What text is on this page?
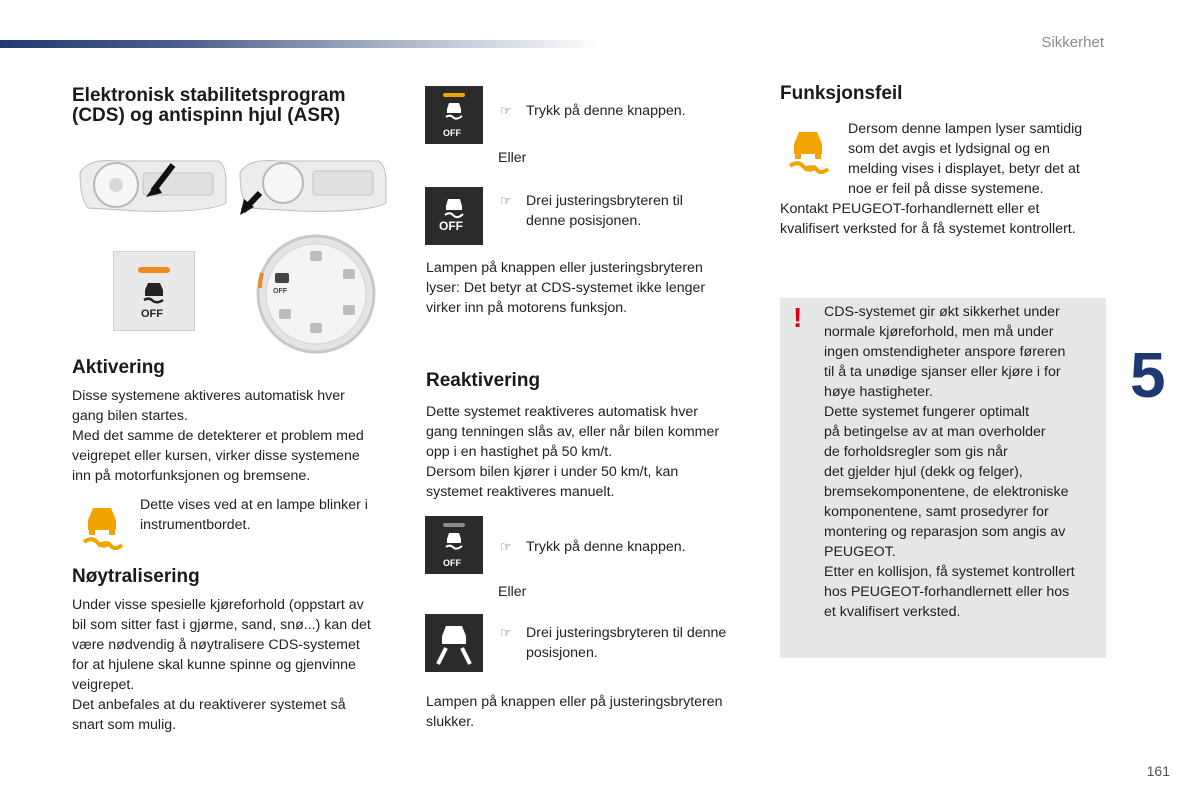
Sikkerhet
Elektronisk stabilitetsprogram
(CDS) og antispinn hjul (ASR)
OFF
OFF
Aktivering
Disse systemene aktiveres automatisk hver
gang bilen startes.
Med det samme de detekterer et problem med
veigrepet eller kursen, virker disse systemene
inn på motorfunksjonen og bremsene.
Dette vises ved at en lampe blinker i
instrumentbordet.
Nøytralisering
Under visse spesielle kjøreforhold (oppstart av
bil som sitter fast i gjørme, sand, snø...) kan det
være nødvendig å nøytralisere CDS-systemet
for at hjulene skal kunne spinne og gjenvinne
veigrepet.
Det anbefales at du reaktiverer systemet så
snart som mulig.
OFF
☞ Trykk på denne knappen.
Eller
OFF
☞ Drei justeringsbryteren til
denne posisjonen.
Lampen på knappen eller justeringsbryteren
lyser: Det betyr at CDS-systemet ikke lenger
virker inn på motorens funksjon.
Reaktivering
Dette systemet reaktiveres automatisk hver
gang tenningen slås av, eller når bilen kommer
opp i en hastighet på 50 km/t.
Dersom bilen kjører i under 50 km/t, kan
systemet reaktiveres manuelt.
OFF
☞ Trykk på denne knappen.
Eller
☞ Drei justeringsbryteren til denne
posisjonen.
Lampen på knappen eller på justeringsbryteren
slukker.
Funksjonsfeil
Dersom denne lampen lyser samtidig
som det avgis et lydsignal og en
melding vises i displayet, betyr det at
noe er feil på disse systemene.
Kontakt PEUGEOT-forhandlernett eller et
kvalifisert verksted for å få systemet kontrollert.
! CDS-systemet gir økt sikkerhet under
normale kjøreforhold, men må under
ingen omstendigheter anspore føreren
til å ta unødige sjanser eller kjøre i for
høye hastigheter.
Dette systemet fungerer optimalt
på betingelse av at man overholder
de forholdsregler som gis når
det gjelder hjul (dekk og felger),
bremsekomponentene, de elektroniske
komponentene, samt prosedyrer for
montering og reparasjon som angis av
PEUGEOT.
Etter en kollisjon, få systemet kontrollert
hos PEUGEOT-forhandlernett eller hos
et kvalifisert verksted.
5
161
